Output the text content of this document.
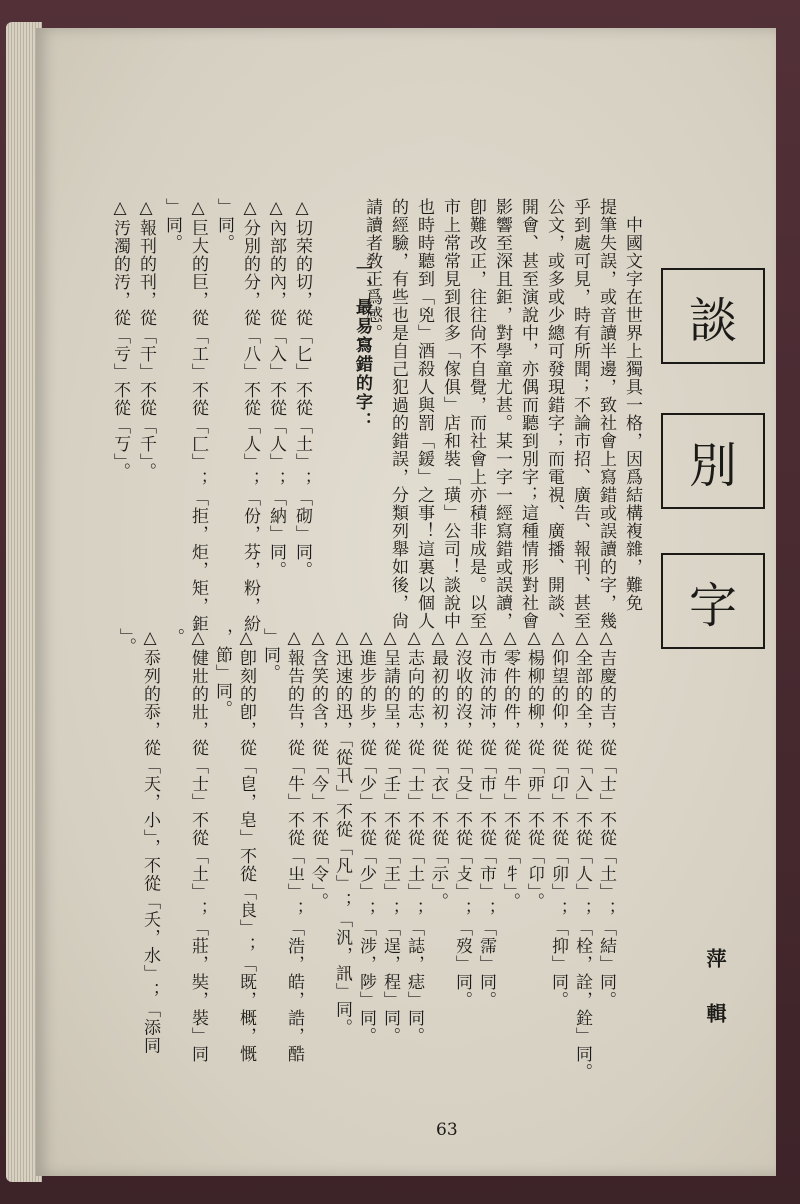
談
別
字
萍 輯
中國文字在世界上獨具一格，因爲結構複雜，難免
提筆失誤，或音讀半邊，致社會上寫錯或誤讀的字，幾
乎到處可見，時有所聞；不論市招、廣告、報刊、甚至
公文，或多或少總可發現錯字；而電視、廣播、開談、
開會、甚至演說中，亦偶而聽到別字；這種情形對社會
影響至深且鉅，對學童尤甚。某一字一經寫錯或誤讀，
卽難改正，往往尙不自覺，而社會上亦積非成是。以至
市上常常見到很多「傢俱」店和裝「璜」公司！談說中
也時時聽到「兇」酒殺人與罰「鍰」之事！這裏以個人
的經驗，有些也是自己犯過的錯誤，分類列舉如後，尙
請讀者敎正爲感。
一、最易寫錯的字：
△切荣的切，從「匕」不從「土」；「砌」同。
△內部的內，從「入」不從「人」；「納」同。
△分別的分，從「八」不從「人」；「份，芬，粉，紛
」同。
△巨大的巨，從「工」不從「匚」；「拒，炬，矩，鉅
」同。
△報刊的刊，從「干」不從「千」。
△汚濁的汚，從「亏」不從「丂」。
△吉慶的吉，從「士」不從「土」；「結」同。
△全部的全，從「入」不從「人」；「栓，詮，銓」同。
△仰望的仰，從「卬」不從「卯」；「抑」同。
△楊柳的柳，從「丣」不從「卬」。
△零件的件，從「牛」不從「牜」。
△巿沛的沛，從「巿」不從「市」；「霈」同。
△沒收的沒，從「殳」不從「攴」；「歿」同。
△最初的初，從「衣」不從「示」。
△志向的志，從「士」不從「土」；「誌，痣」同。
△呈請的呈，從「壬」不從「王」；「逞，程」同。
△進步的步，從「少」不從「少」；「涉，陟」同。
△迅速的迅，「從卂」不從「凡」；「汎，訊」同。
△含笑的含，從「今」不從「令」。
△報告的告，從「牛」不從「㞢」；「浩，皓，誥，酷
」同。
△卽刻的卽，從「皀，皂」不從「良」；「既，概，慨
，節」同。
△健壯的壯，從「士」不從「土」；「莊，奘，裝」同
。
△忝列的忝，從「天，小」，不從「夭，水」；「添同
」。
63
